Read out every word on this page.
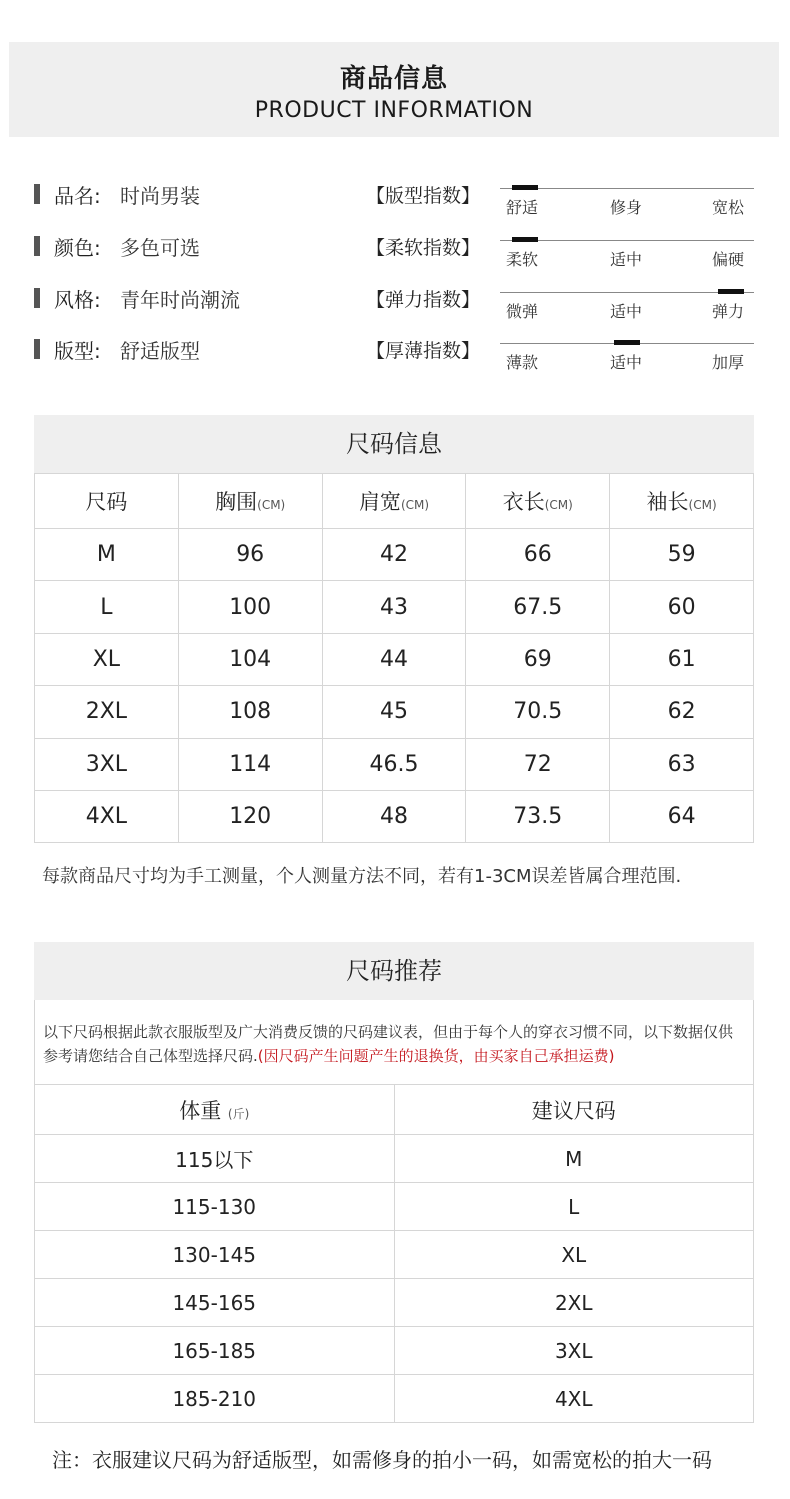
商品信息
PRODUCT INFORMATION
品名: 时尚男装
颜色: 多色可选
风格: 青年时尚潮流
版型: 舒适版型
【版型指数】
舒适	修身	宽松
【柔软指数】
柔软	适中	偏硬
【弹力指数】
微弹	适中	弹力
【厚薄指数】
薄款	适中	加厚
尺码信息
尺码	胸围(CM)	肩宽(CM)	衣长(CM)	袖长(CM)
M	96	42	66	59
L	100	43	67.5	60
XL	104	44	69	61
2XL	108	45	70.5	62
3XL	114	46.5	72	63
4XL	120	48	73.5	64
每款商品尺寸均为手工测量，个人测量方法不同，若有1-3CM误差皆属合理范围.
尺码推荐
以下尺码根据此款衣服版型及广大消费反馈的尺码建议表，但由于每个人的穿衣习惯不同，以下数据仅供参考请您结合自己体型选择尺码.(因尺码产生问题产生的退换货，由买家自己承担运费)
体重 (斤)	建议尺码
115以下	M
115-130	L
130-145	XL
145-165	2XL
165-185	3XL
185-210	4XL
注：衣服建议尺码为舒适版型，如需修身的拍小一码，如需宽松的拍大一码
